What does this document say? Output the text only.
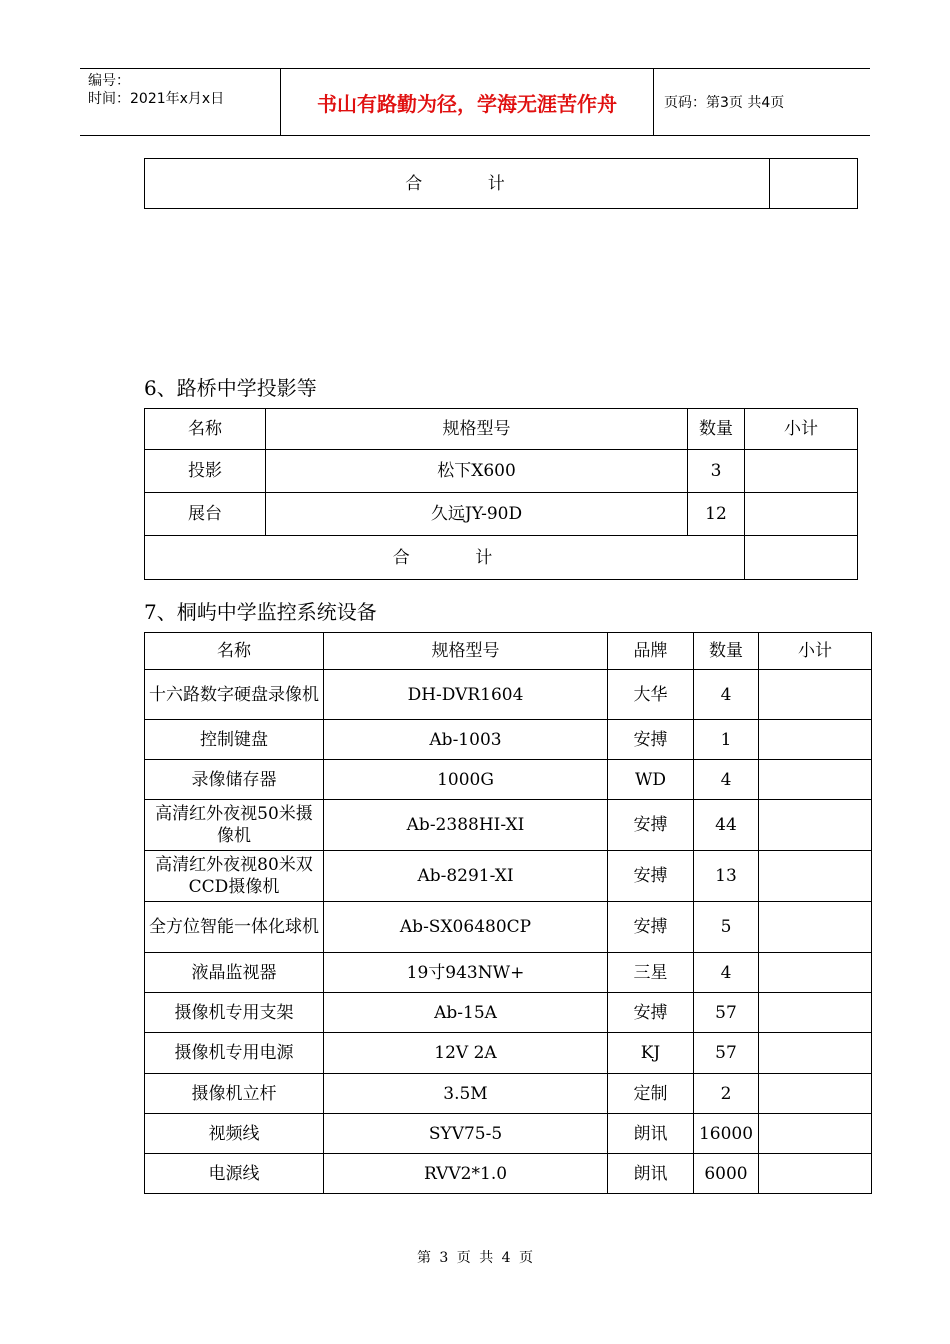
编号：
时间：2021年x月x日	书山有路勤为径，学海无涯苦作舟	页码：第3页 共4页
合 计	
6、路桥中学投影等
名称	规格型号	数量	小计
投影	松下X600	3	
展台	久远JY-90D	12	
合 计			
7、桐屿中学监控系统设备
名称	规格型号	品牌	数量	小计
十六路数字硬盘录像机	DH-DVR1604	大华	4	
控制键盘	Ab-1003	安搏	1	
录像储存器	1000G	WD	4	
高清红外夜视50米摄像机	Ab-2388HI-XI	安搏	44	
高清红外夜视80米双CCD摄像机	Ab-8291-XI	安搏	13	
全方位智能一体化球机	Ab-SX06480CP	安搏	5	
液晶监视器	19寸943NW+	三星	4	
摄像机专用支架	Ab-15A	安搏	57	
摄像机专用电源	12V 2A	KJ	57	
摄像机立杆	3.5M	定制	2	
视频线	SYV75-5	朗讯	16000	
电源线	RVV2*1.0	朗讯	6000	
第 3 页 共 4 页
